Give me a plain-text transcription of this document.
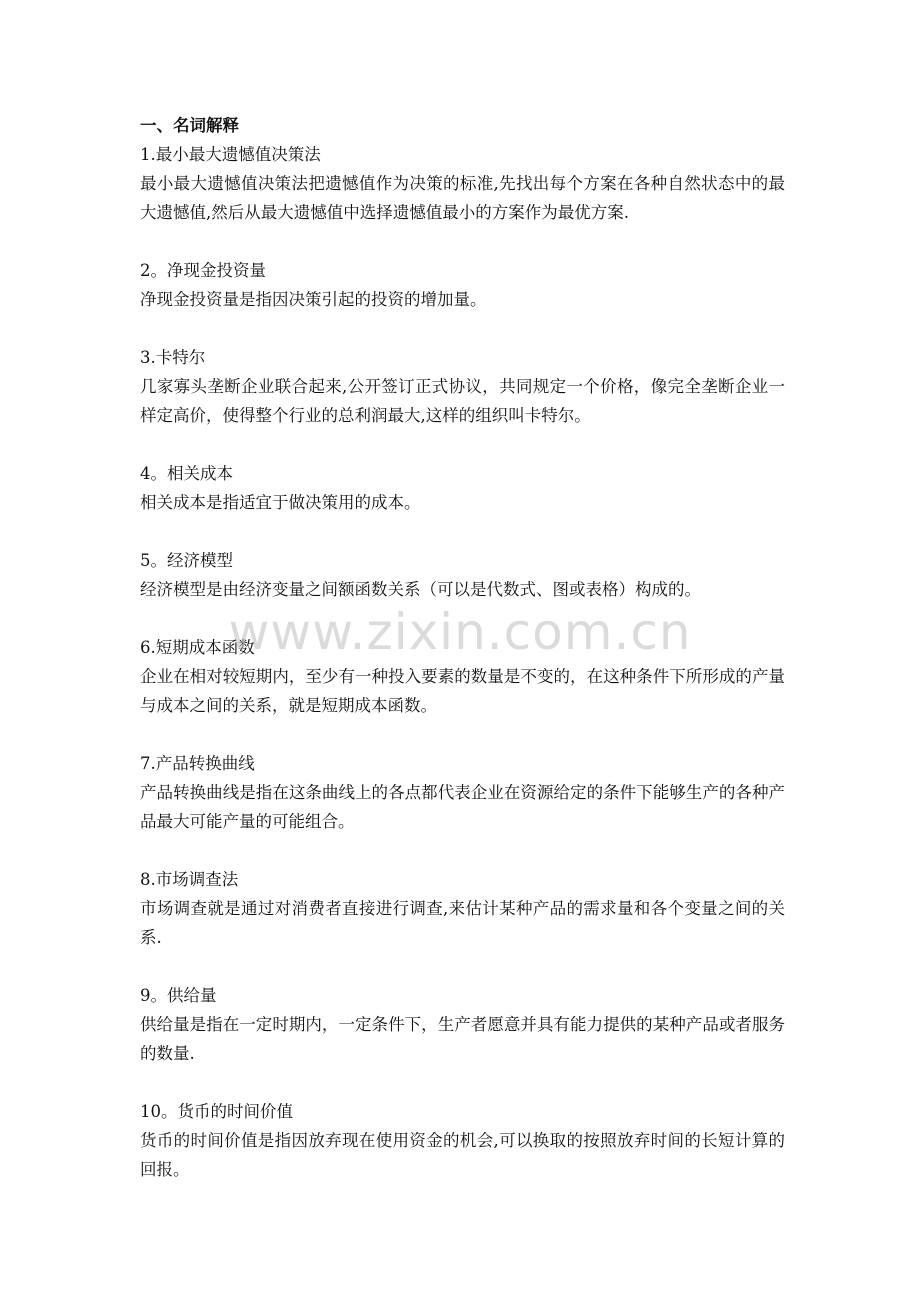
一、名词解释

1.最小最大遗憾值决策法

最小最大遗憾值决策法把遗憾值作为决策的标准,先找出每个方案在各种自然状态中的最大遗憾值,然后从最大遗憾值中选择遗憾值最小的方案作为最优方案.

2。净现金投资量

净现金投资量是指因决策引起的投资的增加量。

3.卡特尔

几家寡头垄断企业联合起来,公开签订正式协议，共同规定一个价格，像完全垄断企业一样定高价，使得整个行业的总利润最大,这样的组织叫卡特尔。

4。相关成本

相关成本是指适宜于做决策用的成本。

5。经济模型

经济模型是由经济变量之间额函数关系（可以是代数式、图或表格）构成的。

6.短期成本函数

企业在相对较短期内，至少有一种投入要素的数量是不变的，在这种条件下所形成的产量与成本之间的关系，就是短期成本函数。

7.产品转换曲线

产品转换曲线是指在这条曲线上的各点都代表企业在资源给定的条件下能够生产的各种产品最大可能产量的可能组合。

8.市场调查法

市场调查就是通过对消费者直接进行调查,来估计某种产品的需求量和各个变量之间的关系.

9。供给量

供给量是指在一定时期内，一定条件下，生产者愿意并具有能力提供的某种产品或者服务的数量.

10。货币的时间价值

货币的时间价值是指因放弃现在使用资金的机会,可以换取的按照放弃时间的长短计算的回报。

www.zixin.com.cn
